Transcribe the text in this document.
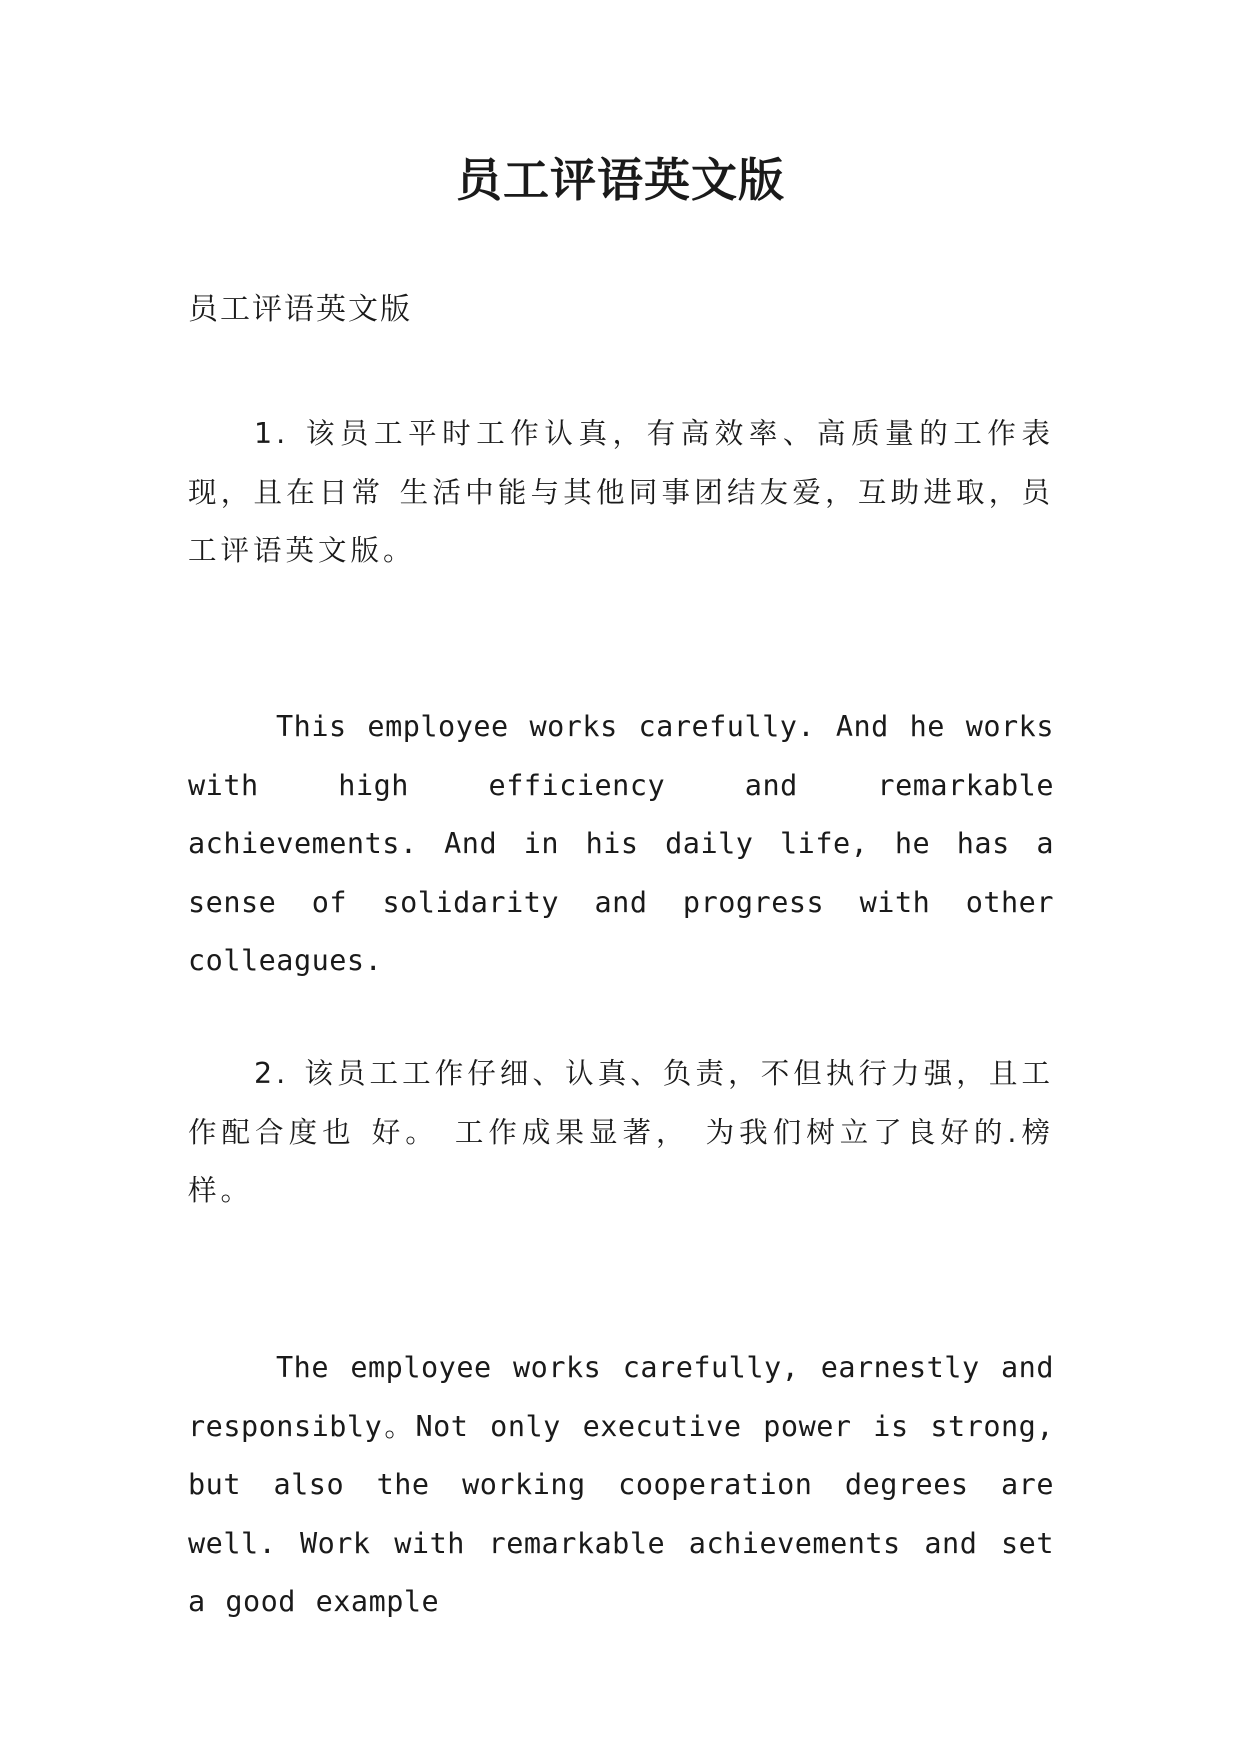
员工评语英文版
员工评语英文版

1. 该员工平时工作认真，有高效率、高质量的工作表现，且在日常 生活中能与其他同事团结友爱，互助进取，员工评语英文版。

This employee works carefully. And he works with high efficiency and remarkable achievements. And in his daily life, he has a sense of solidarity and progress with other colleagues.

2. 该员工工作仔细、认真、负责，不但执行力强，且工作配合度也 好。 工作成果显著， 为我们树立了良好的.榜样。

The employee works carefully, earnestly and responsibly。Not only executive power is strong, but also the working cooperation degrees are well. Work with remarkable achievements and set a good example
